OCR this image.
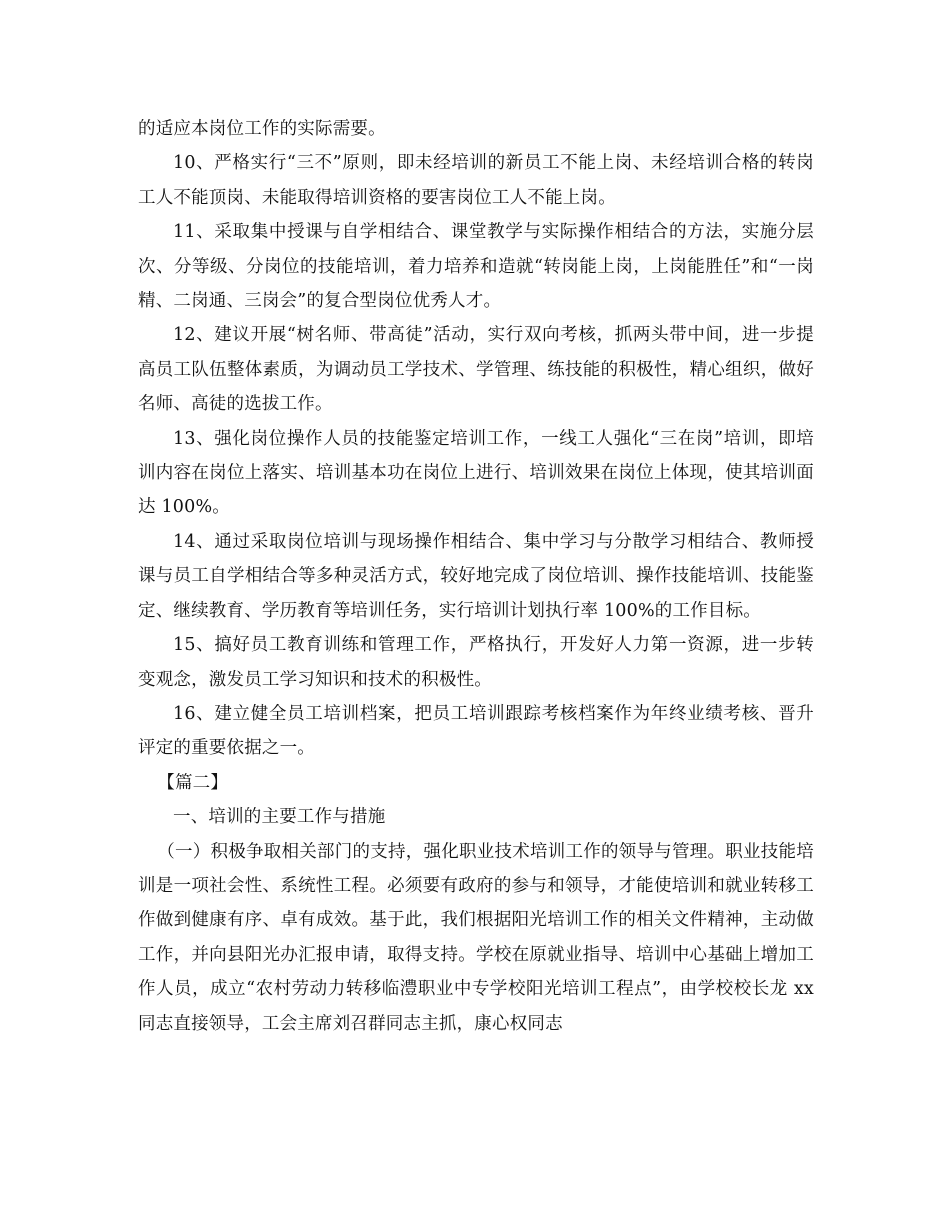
的适应本岗位工作的实际需要。

10、严格实行“三不”原则，即未经培训的新员工不能上岗、未经培训合格的转岗工人不能顶岗、未能取得培训资格的要害岗位工人不能上岗。

11、采取集中授课与自学相结合、课堂教学与实际操作相结合的方法，实施分层次、分等级、分岗位的技能培训，着力培养和造就“转岗能上岗，上岗能胜任”和“一岗精、二岗通、三岗会”的复合型岗位优秀人才。

12、建议开展“树名师、带高徒”活动，实行双向考核，抓两头带中间，进一步提高员工队伍整体素质，为调动员工学技术、学管理、练技能的积极性，精心组织，做好名师、高徒的选拔工作。

13、强化岗位操作人员的技能鉴定培训工作，一线工人强化“三在岗”培训，即培训内容在岗位上落实、培训基本功在岗位上进行、培训效果在岗位上体现，使其培训面达 100%。

14、通过采取岗位培训与现场操作相结合、集中学习与分散学习相结合、教师授课与员工自学相结合等多种灵活方式，较好地完成了岗位培训、操作技能培训、技能鉴定、继续教育、学历教育等培训任务，实行培训计划执行率 100%的工作目标。

15、搞好员工教育训练和管理工作，严格执行，开发好人力第一资源，进一步转变观念，激发员工学习知识和技术的积极性。

16、建立健全员工培训档案，把员工培训跟踪考核档案作为年终业绩考核、晋升评定的重要依据之一。

【篇二】

一、培训的主要工作与措施

（一）积极争取相关部门的支持，强化职业技术培训工作的领导与管理。职业技能培训是一项社会性、系统性工程。必须要有政府的参与和领导，才能使培训和就业转移工作做到健康有序、卓有成效。基于此，我们根据阳光培训工作的相关文件精神，主动做工作，并向县阳光办汇报申请，取得支持。学校在原就业指导、培训中心基础上增加工作人员，成立“农村劳动力转移临澧职业中专学校阳光培训工程点”，由学校校长龙 xx 同志直接领导，工会主席刘召群同志主抓，康心权同志
